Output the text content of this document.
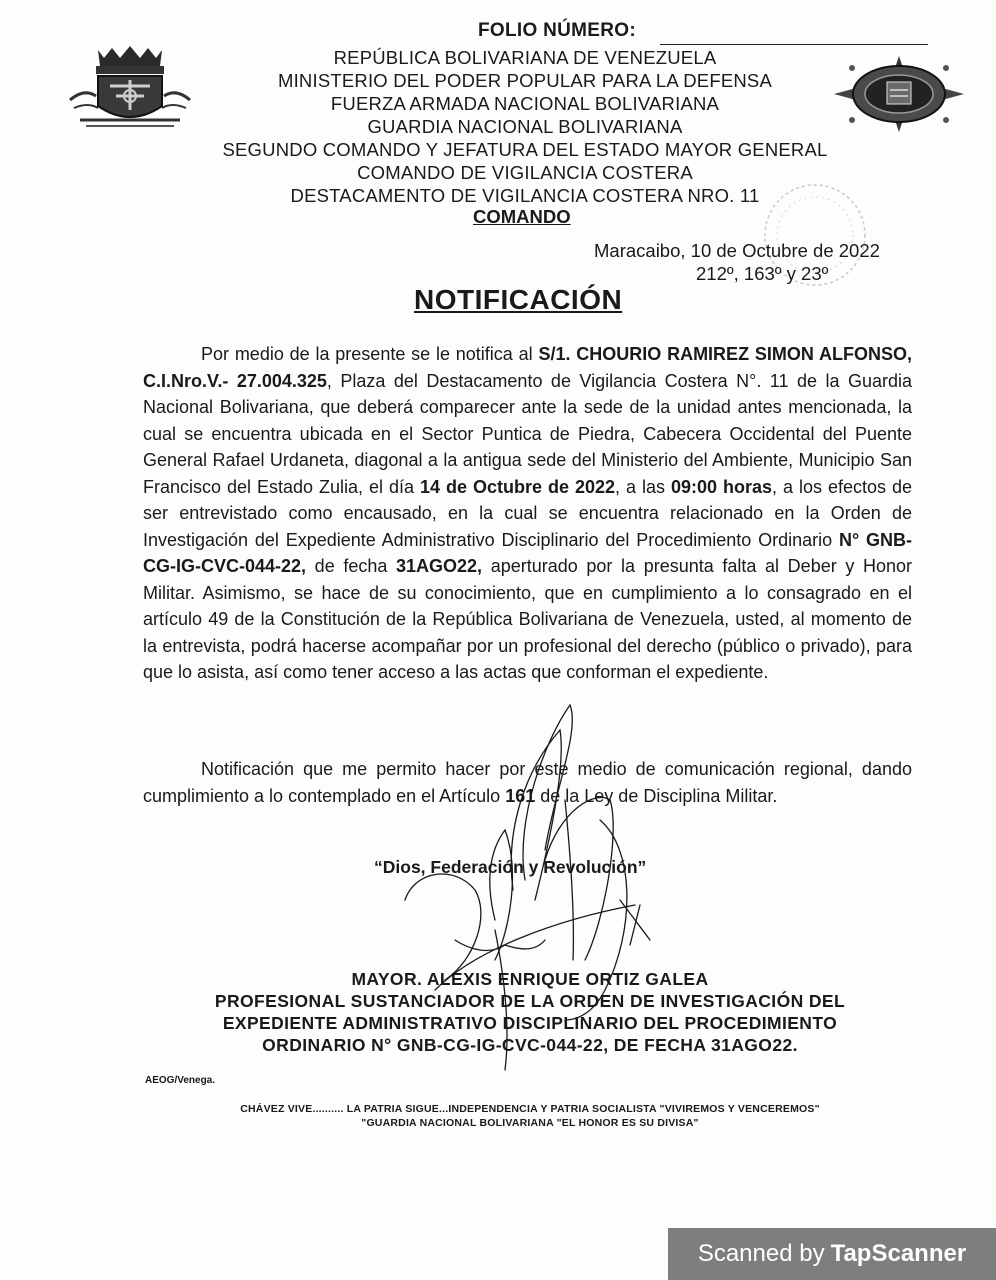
FOLIO NÚMERO:
REPÚBLICA BOLIVARIANA DE VENEZUELA
MINISTERIO DEL PODER POPULAR PARA LA DEFENSA
FUERZA ARMADA NACIONAL BOLIVARIANA
GUARDIA NACIONAL BOLIVARIANA
SEGUNDO COMANDO Y JEFATURA DEL ESTADO MAYOR GENERAL
COMANDO DE VIGILANCIA COSTERA
DESTACAMENTO DE VIGILANCIA COSTERA NRO. 11
COMANDO
Maracaibo, 10 de Octubre de 2022
212º, 163º y 23º
NOTIFICACIÓN

Por medio de la presente se le notifica al S/1. CHOURIO RAMIREZ SIMON ALFONSO, C.I.Nro.V.- 27.004.325, Plaza del Destacamento de Vigilancia Costera N°. 11 de la Guardia Nacional Bolivariana, que deberá comparecer ante la sede de la unidad antes mencionada, la cual se encuentra ubicada en el Sector Puntica de Piedra, Cabecera Occidental del Puente General Rafael Urdaneta, diagonal a la antigua sede del Ministerio del Ambiente, Municipio San Francisco del Estado Zulia, el día 14 de Octubre de 2022, a las 09:00 horas, a los efectos de ser entrevistado como encausado, en la cual se encuentra relacionado en la Orden de Investigación del Expediente Administrativo Disciplinario del Procedimiento Ordinario N° GNB-CG-IG-CVC-044-22, de fecha 31AGO22, aperturado por la presunta falta al Deber y Honor Militar. Asimismo, se hace de su conocimiento, que en cumplimiento a lo consagrado en el artículo 49 de la Constitución de la República Bolivariana de Venezuela, usted, al momento de la entrevista, podrá hacerse acompañar por un profesional del derecho (público o privado), para que lo asista, así como tener acceso a las actas que conforman el expediente.

Notificación que me permito hacer por este medio de comunicación regional, dando cumplimiento a lo contemplado en el Artículo 161 de la Ley de Disciplina Militar.

“Dios, Federación y Revolución”
MAYOR. ALEXIS ENRIQUE ORTIZ GALEA
PROFESIONAL SUSTANCIADOR DE LA ORDEN DE INVESTIGACIÓN DEL
EXPEDIENTE ADMINISTRATIVO DISCIPLINARIO DEL PROCEDIMIENTO
ORDINARIO N° GNB-CG-IG-CVC-044-22, DE FECHA 31AGO22.
AEOG/Venega.
CHÁVEZ VIVE.......... LA PATRIA SIGUE...INDEPENDENCIA Y PATRIA SOCIALISTA "VIVIREMOS Y VENCEREMOS"
"GUARDIA NACIONAL BOLIVARIANA "EL HONOR ES SU DIVISA"
Scanned by TapScanner
